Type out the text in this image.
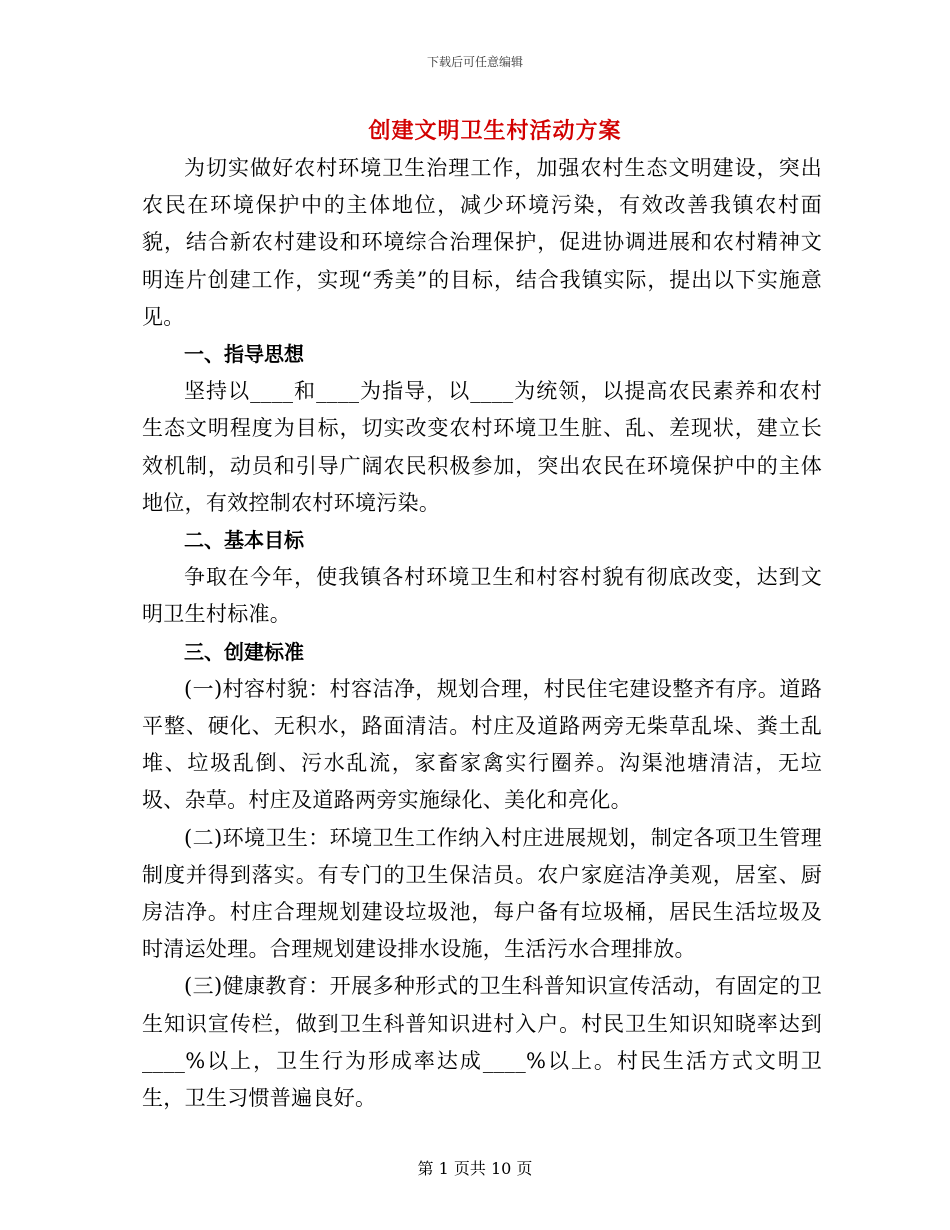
下载后可任意编辑
创建文明卫生村活动方案

为切实做好农村环境卫生治理工作，加强农村生态文明建设，突出农民在环境保护中的主体地位，减少环境污染，有效改善我镇农村面貌，结合新农村建设和环境综合治理保护，促进协调进展和农村精神文明连片创建工作，实现“秀美”的目标，结合我镇实际，提出以下实施意见。

一、指导思想

坚持以____和____为指导，以____为统领，以提高农民素养和农村生态文明程度为目标，切实改变农村环境卫生脏、乱、差现状，建立长效机制，动员和引导广阔农民积极参加，突出农民在环境保护中的主体地位，有效控制农村环境污染。

二、基本目标

争取在今年，使我镇各村环境卫生和村容村貌有彻底改变，达到文明卫生村标准。

三、创建标准

(一)村容村貌：村容洁净，规划合理，村民住宅建设整齐有序。道路平整、硬化、无积水，路面清洁。村庄及道路两旁无柴草乱垛、粪土乱堆、垃圾乱倒、污水乱流，家畜家禽实行圈养。沟渠池塘清洁，无垃圾、杂草。村庄及道路两旁实施绿化、美化和亮化。

(二)环境卫生：环境卫生工作纳入村庄进展规划，制定各项卫生管理制度并得到落实。有专门的卫生保洁员。农户家庭洁净美观，居室、厨房洁净。村庄合理规划建设垃圾池，每户备有垃圾桶，居民生活垃圾及时清运处理。合理规划建设排水设施，生活污水合理排放。

(三)健康教育：开展多种形式的卫生科普知识宣传活动，有固定的卫生知识宣传栏，做到卫生科普知识进村入户。村民卫生知识知晓率达到____%以上，卫生行为形成率达成____%以上。村民生活方式文明卫生，卫生习惯普遍良好。

第 1 页共 10 页
